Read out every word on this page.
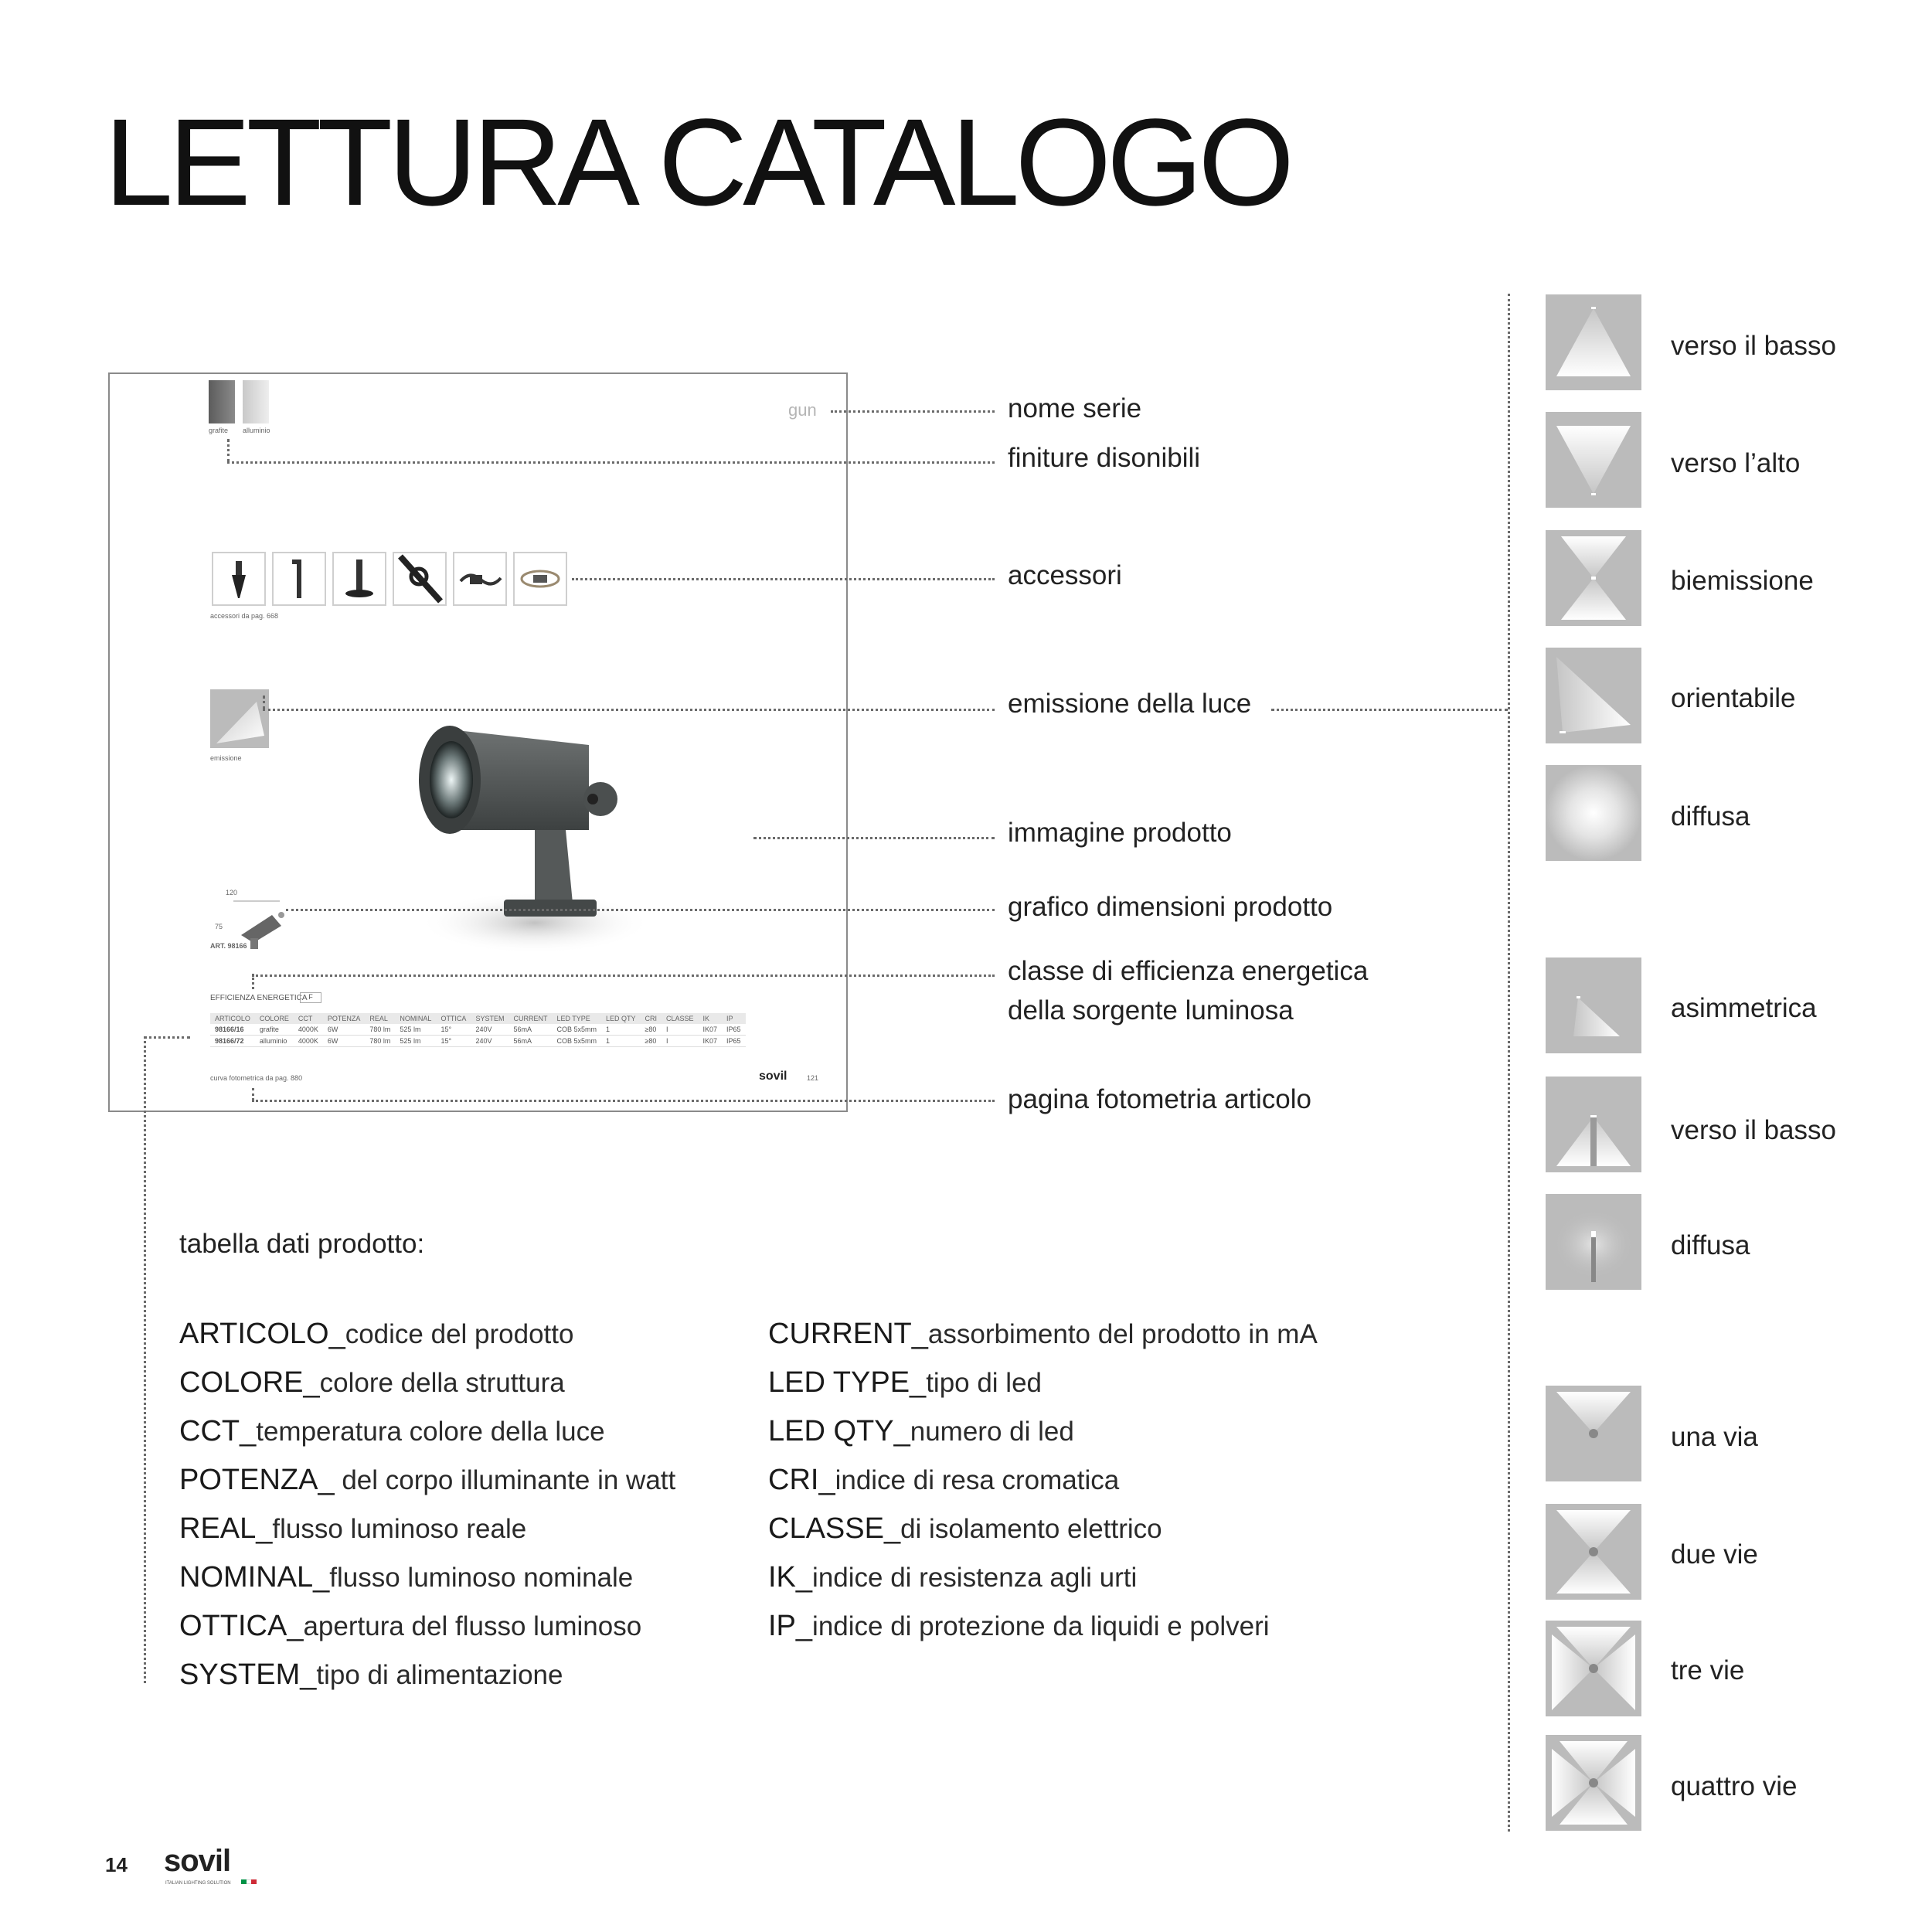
LETTURA CATALOGO
grafite alluminio
gun
accessori da pag. 668
emissione
120
75
ART. 98166
EFFICIENZA ENERGETICA F
ARTICOLO	COLORE	CCT	POTENZA	REAL	NOMINAL	OTTICA	SYSTEM	CURRENT	LED TYPE	LED QTY	CRI	CLASSE	IK	IP
98166/16	grafite	4000K	6W	780 lm	525 lm	15°	240V	56mA	COB 5x5mm	1	≥80	I	IK07	IP65
98166/72	alluminio	4000K	6W	780 lm	525 lm	15°	240V	56mA	COB 5x5mm	1	≥80	I	IK07	IP65
curva fotometrica da pag. 880	sovil	121
nome serie
finiture disonibili
accessori
emissione della luce
immagine prodotto
grafico dimensioni prodotto
classe di efficienza energetica
della sorgente luminosa
pagina fotometria articolo
tabella dati prodotto:
ARTICOLO_codice del prodotto
COLORE_colore della struttura
CCT_temperatura colore della luce
POTENZA_ del corpo illuminante in watt
REAL_flusso luminoso reale
NOMINAL_flusso luminoso nominale
OTTICA_apertura del flusso luminoso
SYSTEM_tipo di alimentazione
CURRENT_assorbimento del prodotto in mA
LED TYPE_tipo di led
LED QTY_numero di led
CRI_indice di resa cromatica
CLASSE_di isolamento elettrico
IK_indice di resistenza agli urti
IP_indice di protezione da liquidi e polveri
verso il basso
verso l’alto
biemissione
orientabile
diffusa
asimmetrica
verso il basso
diffusa
una via
due vie
tre vie
quattro vie
14 sovil
ITALIAN LIGHTING SOLUTION
